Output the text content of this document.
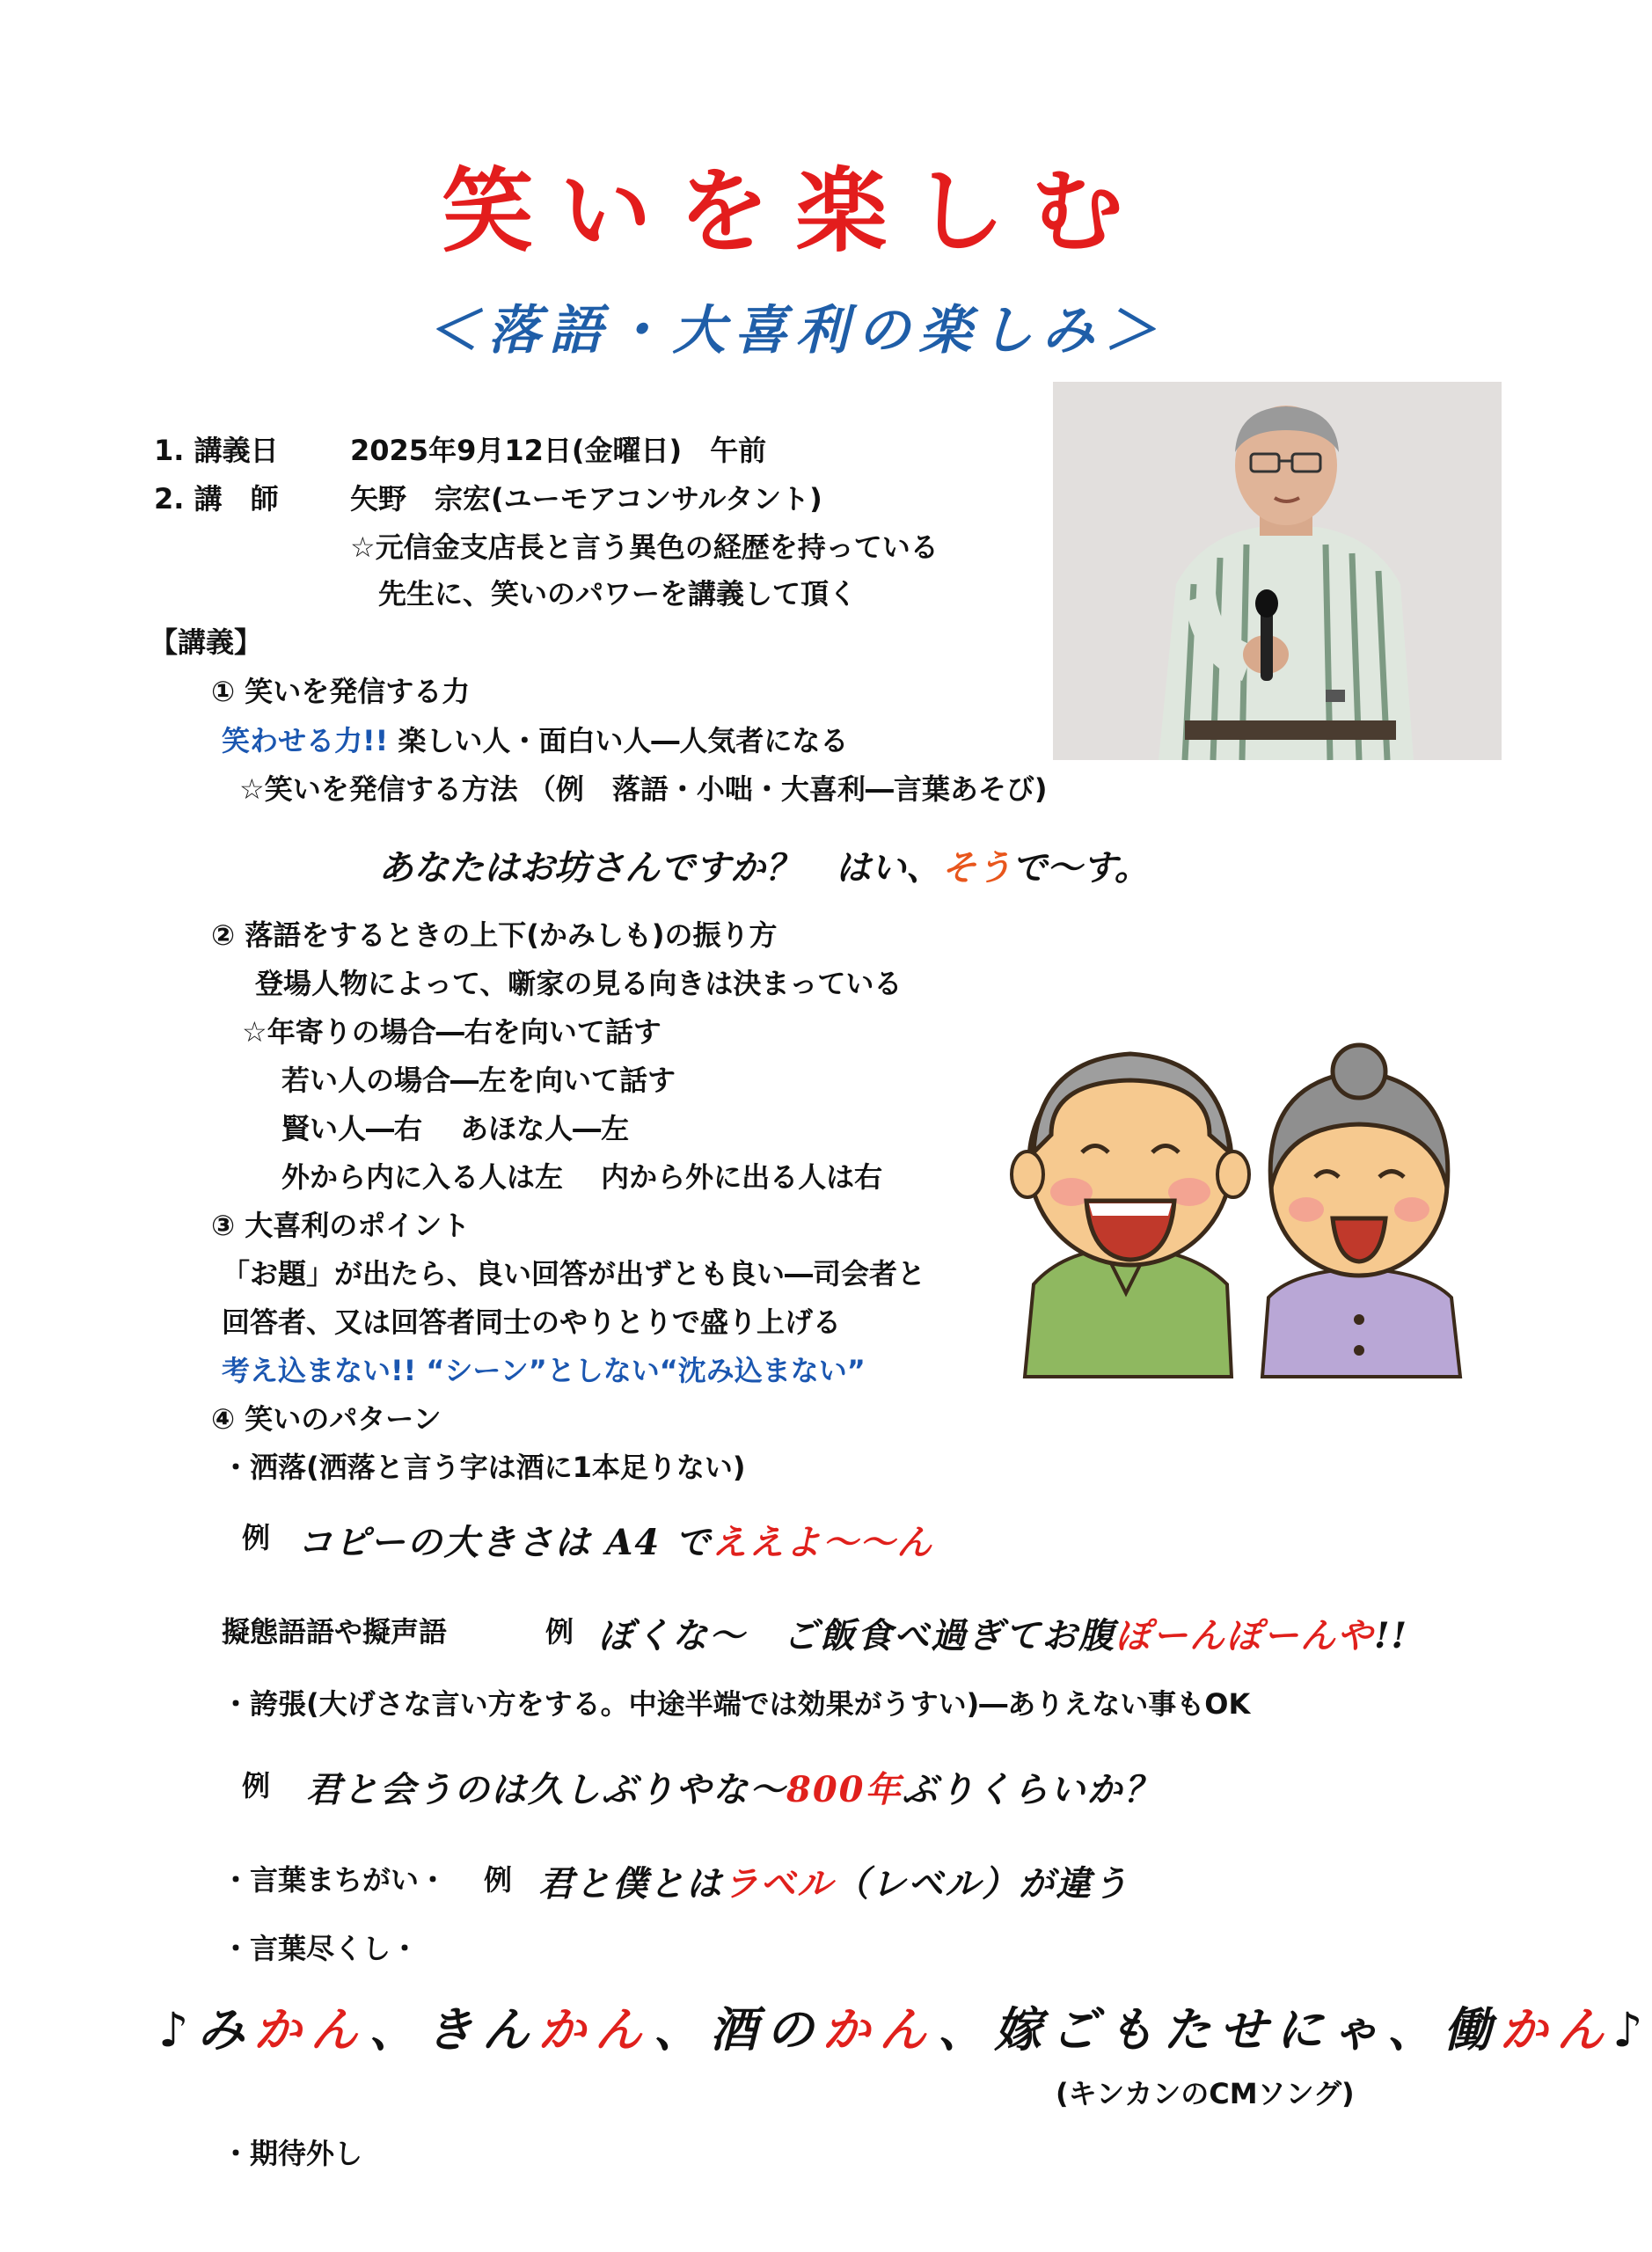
笑いを楽しむ
＜落語・大喜利の楽しみ＞
1. 講義日	2025年9月12日(金曜日)　午前
2. 講　師	矢野　宗宏(ユーモアコンサルタント)
☆元信金支店長と言う異色の経歴を持っている
先生に、笑いのパワーを講義して頂く
【講義】
① 笑いを発信する力
笑わせる力!! 楽しい人・面白い人―人気者になる
☆笑いを発信する方法 （例　落語・小咄・大喜利―言葉あそび)
あなたはお坊さんですか？　はい、そうで～す。
② 落語をするときの上下(かみしも)の振り方
登場人物によって、噺家の見る向きは決まっている
☆年寄りの場合―右を向いて話す
若い人の場合―左を向いて話す
賢い人―右　 あほな人―左
外から内に入る人は左　 内から外に出る人は右
③ 大喜利のポイント
「お題」が出たら、良い回答が出ずとも良い―司会者と
回答者、又は回答者同士のやりとりで盛り上げる
考え込まない!! “シーン”としない“沈み込まない”
④ 笑いのパターン
・洒落(洒落と言う字は酒に1本足りない)
例 コピーの大きさは A4 でええよ～～ん
擬態語語や擬声語	例 ぼくな～　ご飯食べ過ぎてお腹ぽーんぽーんや!!
・誇張(大げさな言い方をする。中途半端では効果がうすい)―ありえない事もOK
例 君と会うのは久しぶりやな～800年ぶりくらいか？
・言葉まちがい・ 例 君と僕とはラベル（レベル）が違う
・言葉尽くし・
♪みかん、きんかん、酒のかん、嫁ごもたせにゃ、働かん♪
(キンカンのCMソング)
・期待外し
